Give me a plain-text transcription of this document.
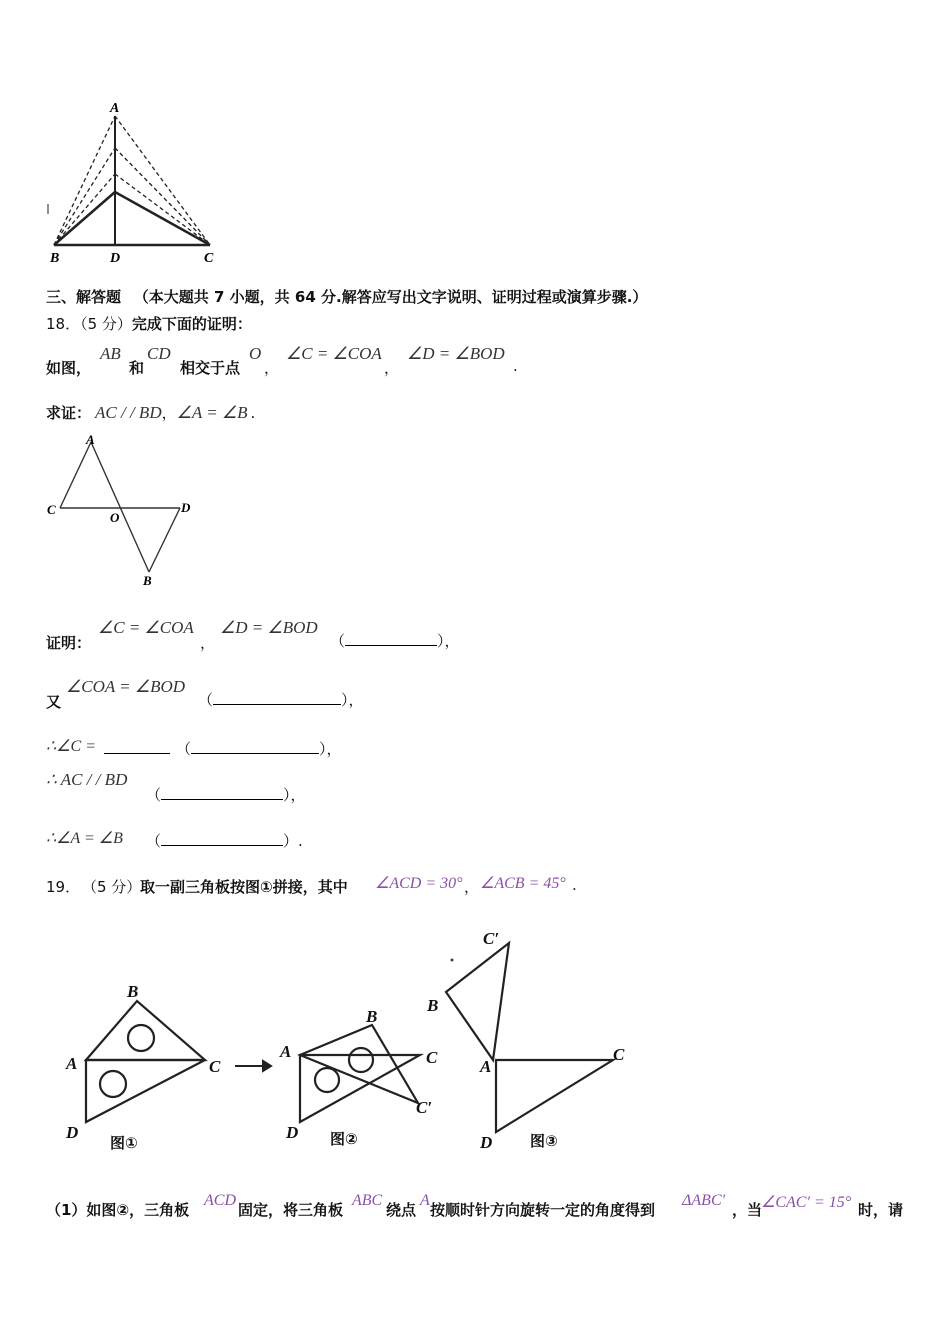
A
B	D	C
三、解答题 （本大题共 7 小题，共 64 分.解答应写出文字说明、证明过程或演算步骤.）
18．（5 分）完成下面的证明：
如图，
AB
和
CD
相交于点
O
，
∠C = ∠COA
，
∠D = ∠BOD
.
求证： AC / / BD，∠A = ∠B .
A
C
O
D
B
证明：
∠C = ∠COA
，
∠D = ∠BOD
（	），
又
∠COA = ∠BOD
（	），
∴∠C =	（	），
∴ AC / / BD
（	），
∴∠A = ∠B （	）.
19． （5 分）
取一副三角板按图①拼接，其中 ∠ACD = 30° ， ∠ACB = 45° .
B
A	C
D
B
A	C
C′
D
C′
B
A
C
D
图①	图②	图③
（1）如图②，三角板
ACD
固定，将三角板
ABC
绕点
A
按顺时针方向旋转一定的角度得到
ΔABC′
，当
∠CAC′ = 15° 时，请
